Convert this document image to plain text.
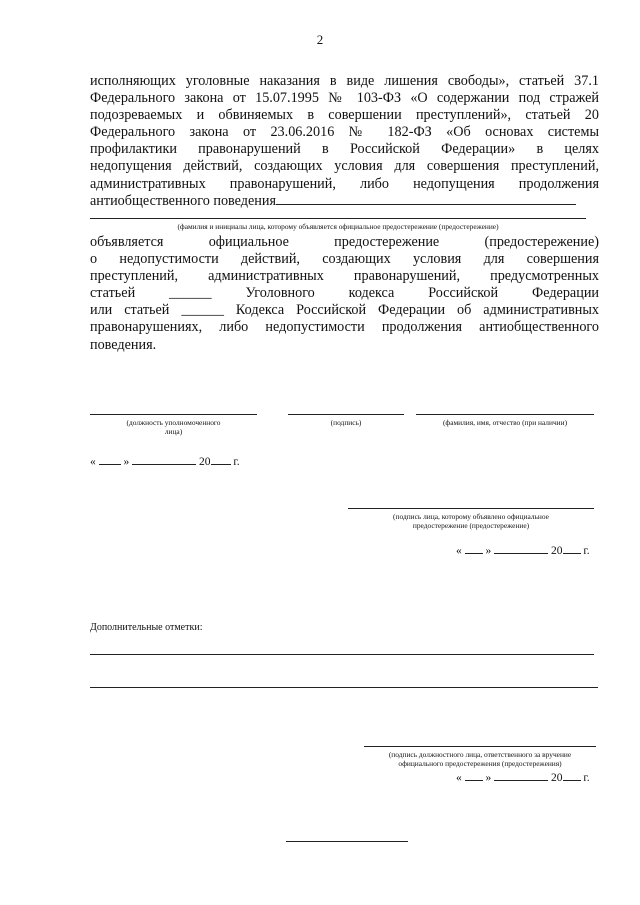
2
исполняющих уголовные наказания в виде лишения свободы», статьей 37.1
Федерального закона от 15.07.1995 № 103-ФЗ «О содержании под стражей
подозреваемых и обвиняемых в совершении преступлений», статьей 20
Федерального закона от 23.06.2016 № 182-ФЗ «Об основах системы
профилактики правонарушений в Российской Федерации» в целях
недопущения действий, создающих условия для совершения преступлений,
административных правонарушений, либо недопущения продолжения
антиобщественного поведения
(фамилия и инициалы лица, которому объявляется официальное предостережение (предостережение)
объявляется официальное предостережение (предостережение)
о недопустимости действий, создающих условия для совершения
преступлений, административных правонарушений, предусмотренных
статьей ______ Уголовного кодекса Российской Федерации
или статьей ______ Кодекса Российской Федерации об административных
правонарушениях, либо недопустимости продолжения антиобщественного
поведения.
(должность уполномоченного
лица)
(подпись)	(фамилия, имя, отчество (при наличии)
« »	20 г.
(подпись лица, которому объявлено официальное
предостережение (предостережение)
« »	20 г.
Дополнительные отметки:
(подпись должностного лица, ответственного за вручение
официального предостережения (предостережения)
« »	20 г.
